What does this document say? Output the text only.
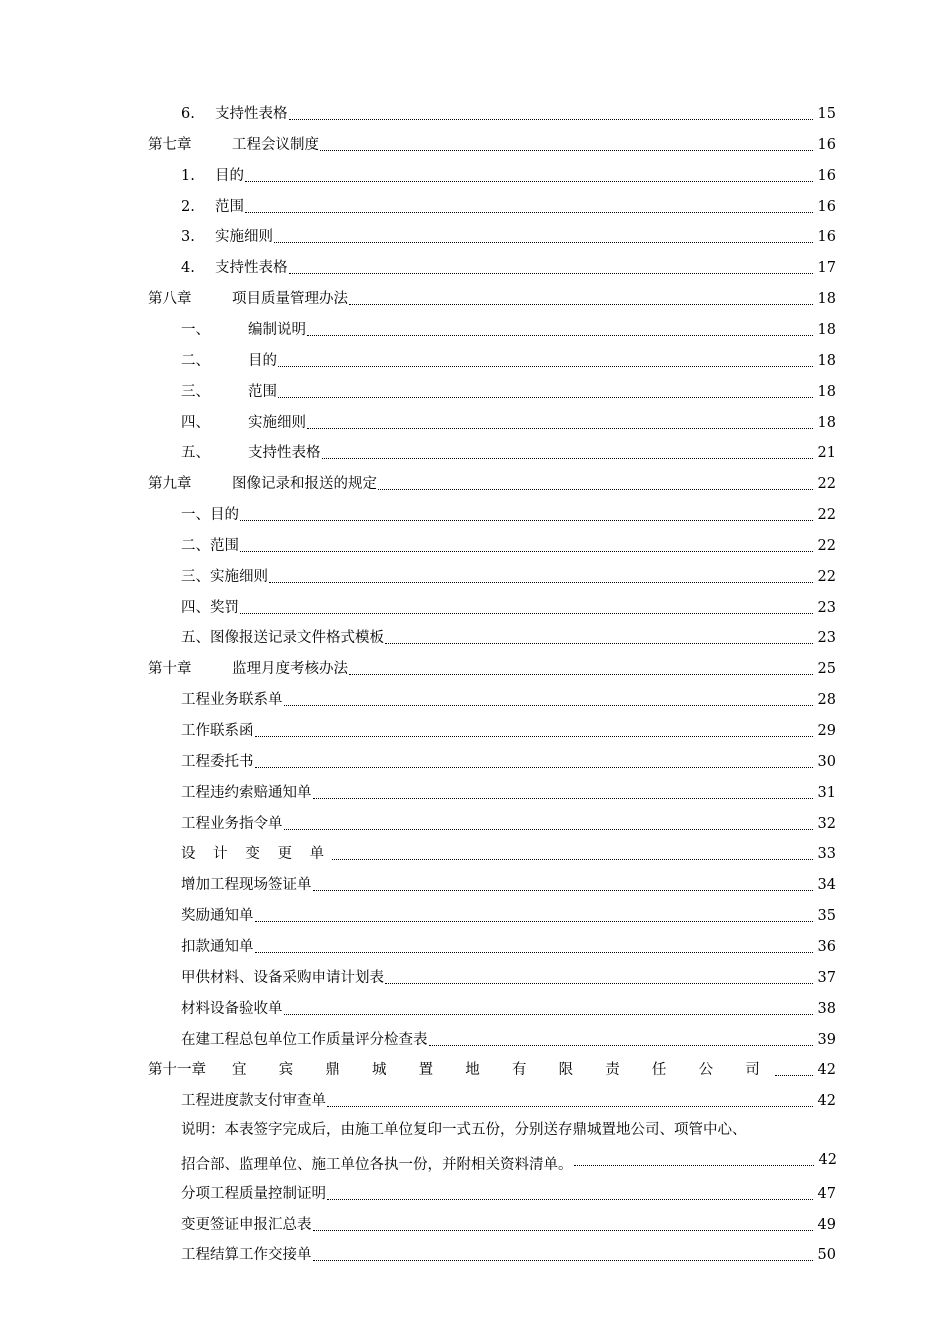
6.	支持性表格	15
第七章	工程会议制度	16
1.	目的	16
2.	范围	16
3.	实施细则	16
4.	支持性表格	17
第八章	项目质量管理办法	18
一、	编制说明	18
二、	目的	18
三、	范围	18
四、	实施细则	18
五、	支持性表格	21
第九章	图像记录和报送的规定	22
一、目的	22
二、范围	22
三、实施细则	22
四、奖罚	23
五、图像报送记录文件格式模板	23
第十章	监理月度考核办法	25
工程业务联系单	28
工作联系函	29
工程委托书	30
工程违约索赔通知单	31
工程业务指令单	32
设 计 变 更 单	33
增加工程现场签证单	34
奖励通知单	35
扣款通知单	36
甲供材料、设备采购申请计划表	37
材料设备验收单	38
在建工程总包单位工作质量评分检查表	39
第十一章	宜 宾 鼎 城 置 地 有 限 责 任 公 司	42
工程进度款支付审查单	42
说明：本表签字完成后，由施工单位复印一式五份，分别送存鼎城置地公司、项管中心、
招合部、监理单位、施工单位各执一份，并附相关资料清单。	42
分项工程质量控制证明	47
变更签证申报汇总表	49
工程结算工作交接单	50
